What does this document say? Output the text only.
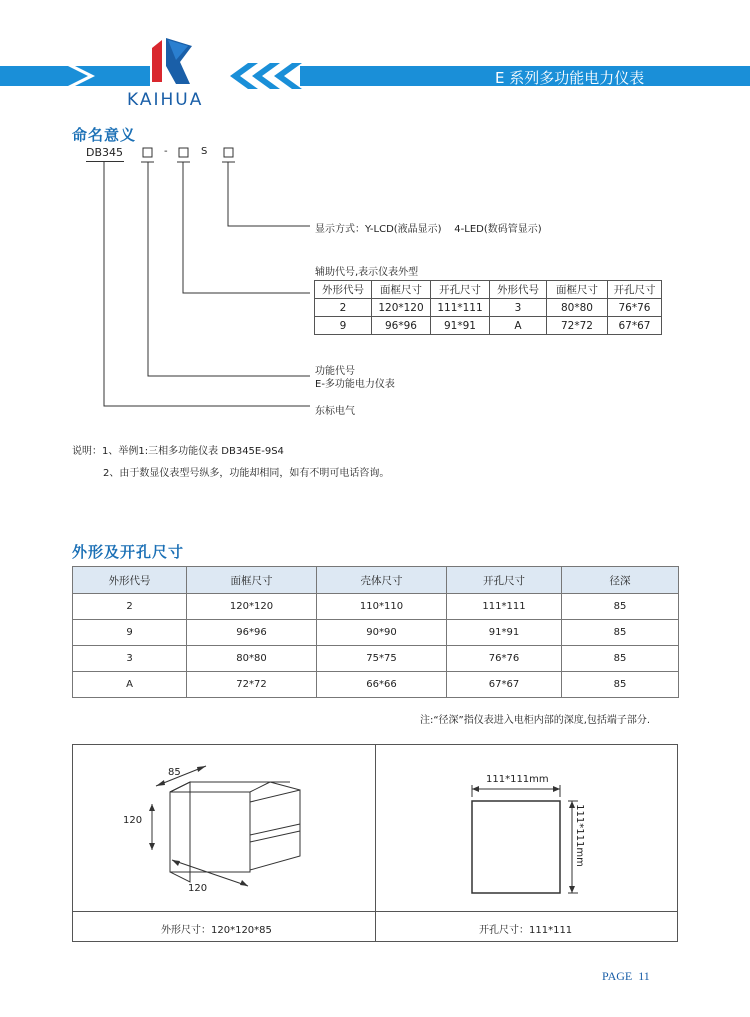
KAIHUA
E 系列多功能电力仪表
命名意义
DB345	-	S
显示方式：Y-LCD(液晶显示)    4-LED(数码管显示)
辅助代号,表示仪表外型
外形代号	面框尺寸	开孔尺寸	外形代号	面框尺寸	开孔尺寸
2	120*120	111*111	3	80*80	76*76
9	96*96	91*91	A	72*72	67*67
功能代号
E-多功能电力仪表
东标电气
说明：1、举例1:三相多功能仪表 DB345E-9S4
2、由于数显仪表型号纵多，功能却相同，如有不明可电话咨询。
外形及开孔尺寸
外形代号	面框尺寸	壳体尺寸	开孔尺寸	径深
2	120*120	110*110	111*111	85
9	96*96	90*90	91*91	85
3	80*80	75*75	76*76	85
A	72*72	66*66	67*67	85
注:“径深”指仪表进入电柜内部的深度,包括端子部分.
85
120
120
外形尺寸：120*120*85
111*111mm
111*111mm
开孔尺寸：111*111
PAGE  11
